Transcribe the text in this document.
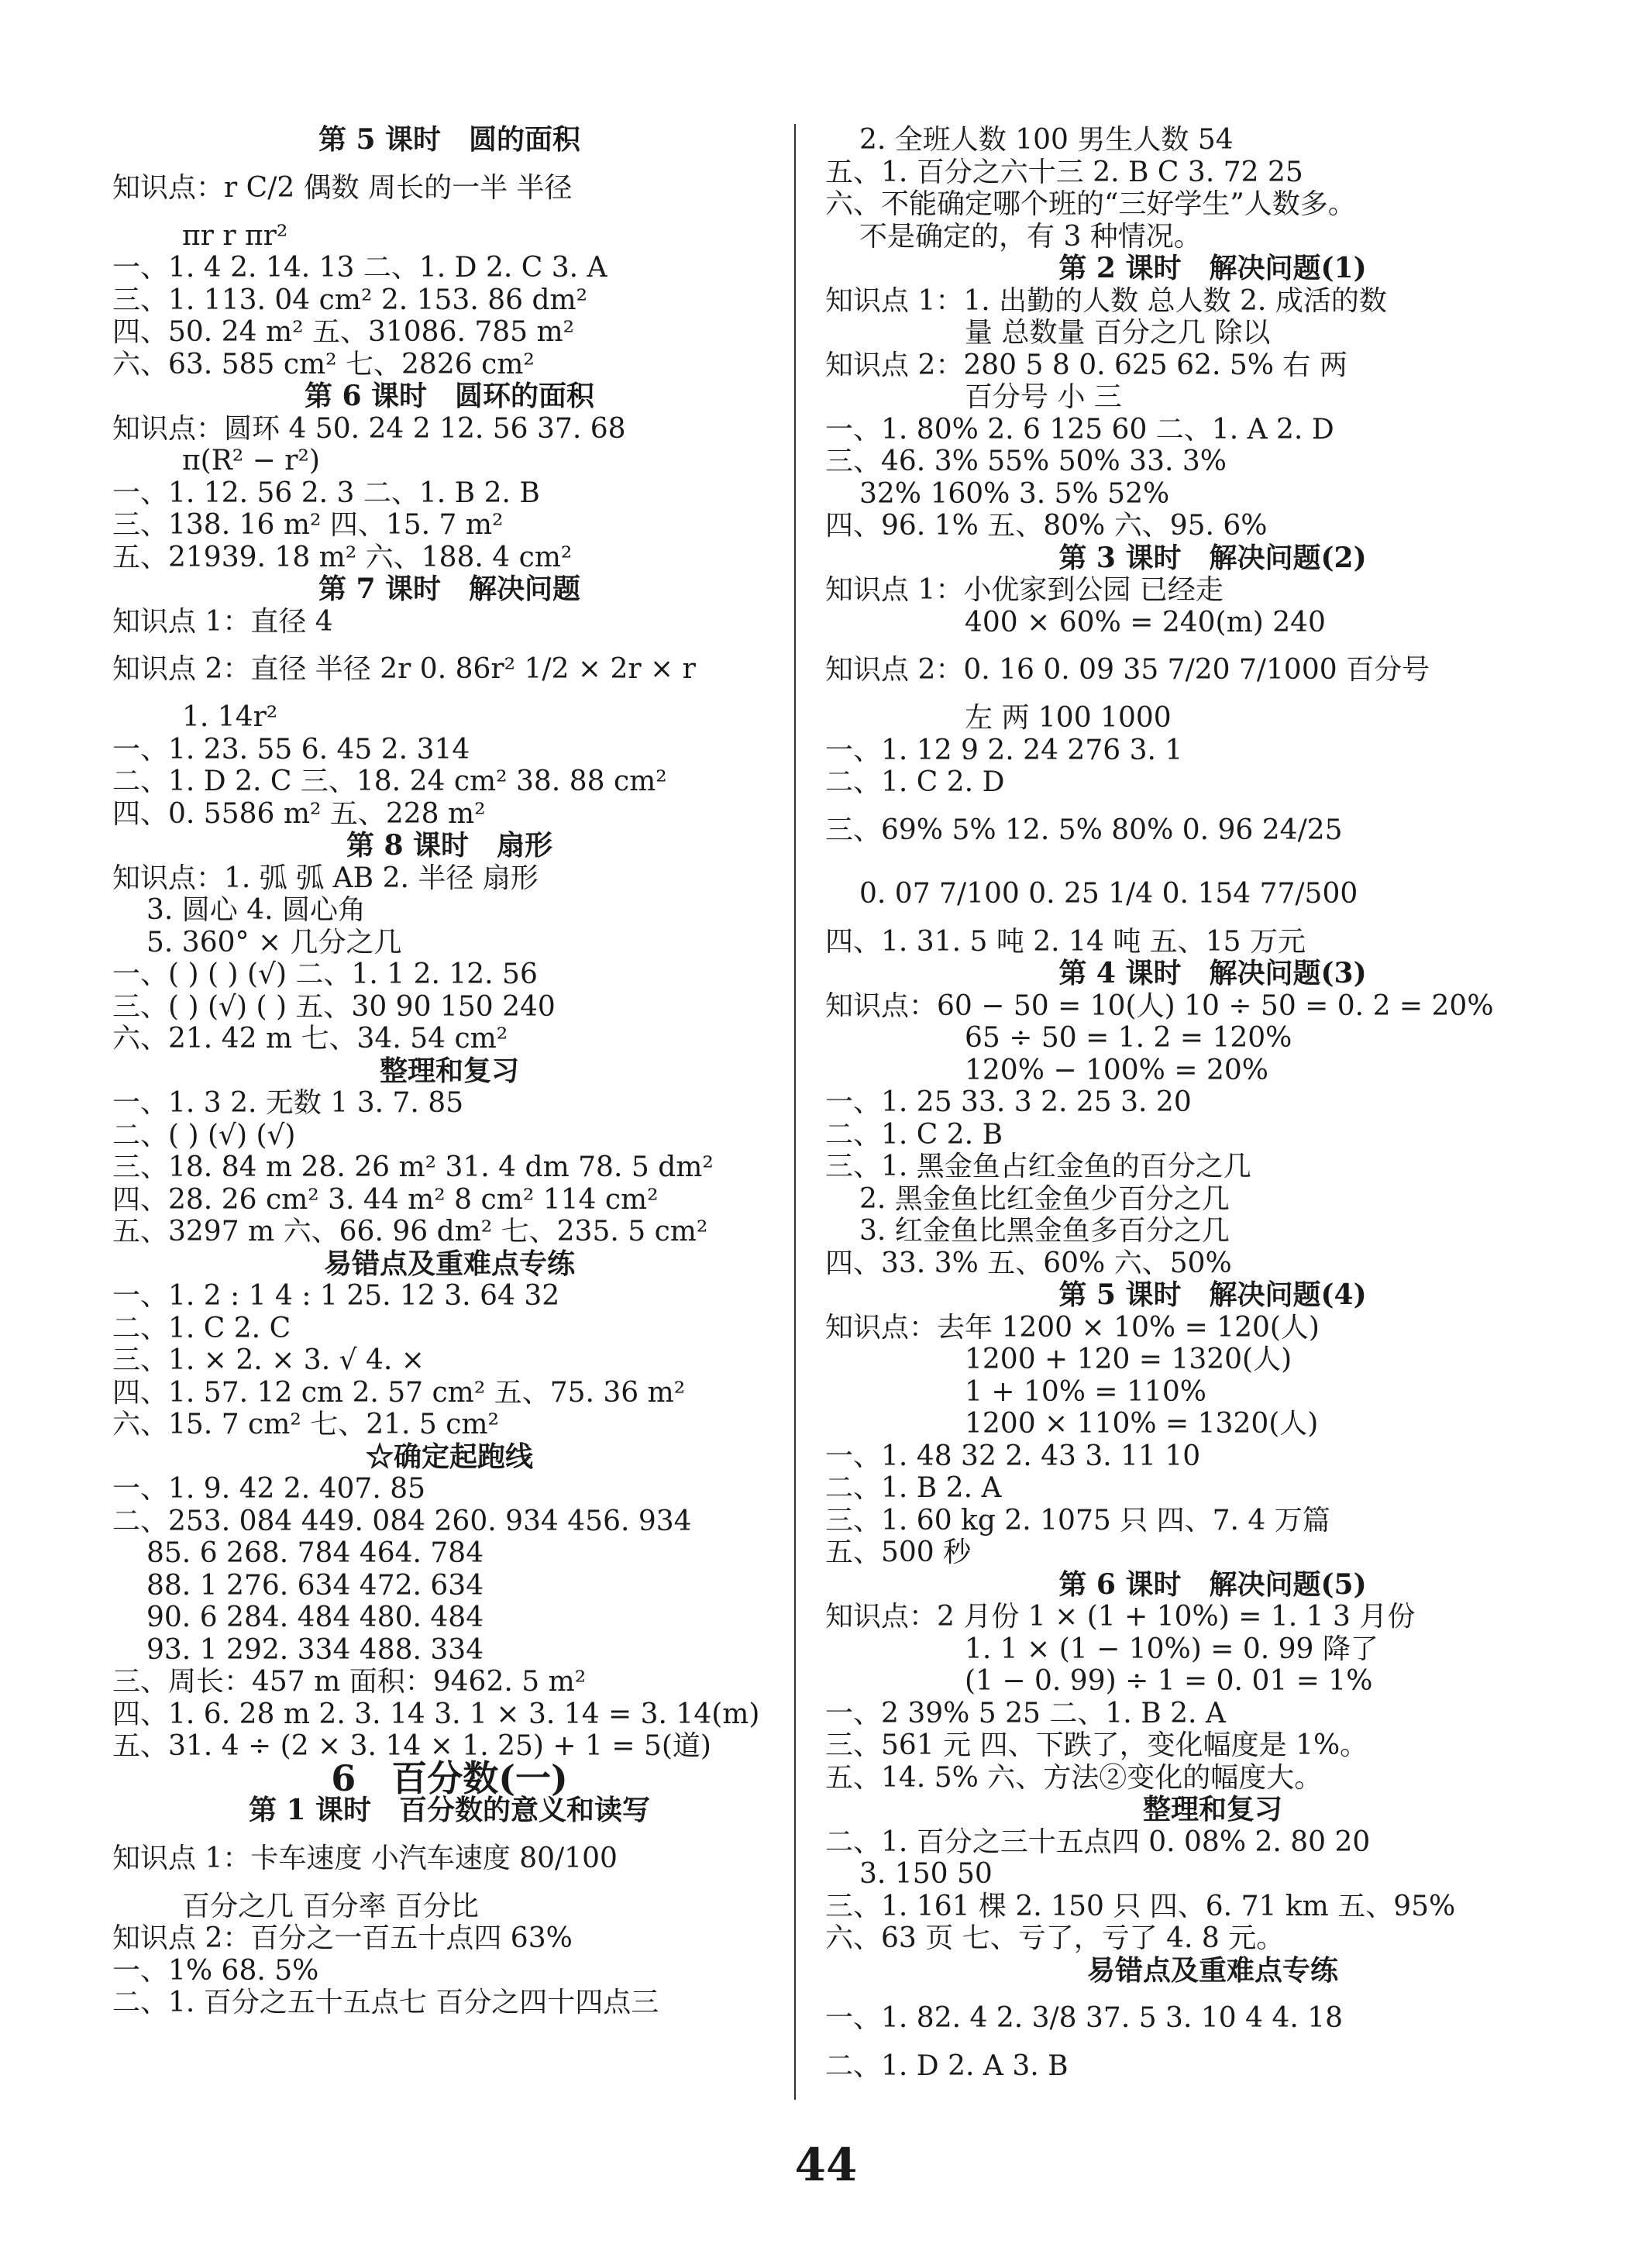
第 5 课时　圆的面积
知识点：r C/2 偶数 周长的一半 半径
πr r πr²
一、1. 4 2. 14. 13 二、1. D 2. C 3. A
三、1. 113. 04 cm² 2. 153. 86 dm²
四、50. 24 m² 五、31086. 785 m²
六、63. 585 cm² 七、2826 cm²
第 6 课时　圆环的面积
知识点：圆环 4 50. 24 2 12. 56 37. 68
π(R² − r²)
一、1. 12. 56 2. 3 二、1. B 2. B
三、138. 16 m² 四、15. 7 m²
五、21939. 18 m² 六、188. 4 cm²
第 7 课时　解决问题
知识点 1：直径 4
知识点 2：直径 半径 2r 0. 86r² 1/2 × 2r × r
1. 14r²
一、1. 23. 55 6. 45 2. 314
二、1. D 2. C 三、18. 24 cm² 38. 88 cm²
四、0. 5586 m² 五、228 m²
第 8 课时　扇形
知识点：1. 弧 弧 AB 2. 半径 扇形
3. 圆心 4. 圆心角
5. 360° × 几分之几
一、( ) ( ) (√) 二、1. 1 2. 12. 56
三、( ) (√) ( ) 五、30 90 150 240
六、21. 42 m 七、34. 54 cm²
整理和复习
一、1. 3 2. 无数 1 3. 7. 85
二、( ) (√) (√)
三、18. 84 m 28. 26 m² 31. 4 dm 78. 5 dm²
四、28. 26 cm² 3. 44 m² 8 cm² 114 cm²
五、3297 m 六、66. 96 dm² 七、235. 5 cm²
易错点及重难点专练
一、1. 2 : 1 4 : 1 25. 12 3. 64 32
二、1. C 2. C
三、1. × 2. × 3. √ 4. ×
四、1. 57. 12 cm 2. 57 cm² 五、75. 36 m²
六、15. 7 cm² 七、21. 5 cm²
☆确定起跑线
一、1. 9. 42 2. 407. 85
二、253. 084 449. 084 260. 934 456. 934
85. 6 268. 784 464. 784
88. 1 276. 634 472. 634
90. 6 284. 484 480. 484
93. 1 292. 334 488. 334
三、周长：457 m 面积：9462. 5 m²
四、1. 6. 28 m 2. 3. 14 3. 1 × 3. 14 = 3. 14(m)
五、31. 4 ÷ (2 × 3. 14 × 1. 25) + 1 = 5(道)
6　百分数(一)
第 1 课时　百分数的意义和读写
知识点 1：卡车速度 小汽车速度 80/100
百分之几 百分率 百分比
知识点 2：百分之一百五十点四 63%
一、1% 68. 5%
二、1. 百分之五十五点七 百分之四十四点三
2. 全班人数 100 男生人数 54
五、1. 百分之六十三 2. B C 3. 72 25
六、不能确定哪个班的“三好学生”人数多。
不是确定的，有 3 种情况。
第 2 课时　解决问题(1)
知识点 1：1. 出勤的人数 总人数 2. 成活的数
量 总数量 百分之几 除以
知识点 2：280 5 8 0. 625 62. 5% 右 两
百分号 小 三
一、1. 80% 2. 6 125 60 二、1. A 2. D
三、46. 3% 55% 50% 33. 3%
32% 160% 3. 5% 52%
四、96. 1% 五、80% 六、95. 6%
第 3 课时　解决问题(2)
知识点 1：小优家到公园 已经走
400 × 60% = 240(m) 240
知识点 2：0. 16 0. 09 35 7/20 7/1000 百分号
左 两 100 1000
一、1. 12 9 2. 24 276 3. 1
二、1. C 2. D
三、69% 5% 12. 5% 80% 0. 96 24/25
0. 07 7/100 0. 25 1/4 0. 154 77/500
四、1. 31. 5 吨 2. 14 吨 五、15 万元
第 4 课时　解决问题(3)
知识点：60 − 50 = 10(人) 10 ÷ 50 = 0. 2 = 20%
65 ÷ 50 = 1. 2 = 120%
120% − 100% = 20%
一、1. 25 33. 3 2. 25 3. 20
二、1. C 2. B
三、1. 黑金鱼占红金鱼的百分之几
2. 黑金鱼比红金鱼少百分之几
3. 红金鱼比黑金鱼多百分之几
四、33. 3% 五、60% 六、50%
第 5 课时　解决问题(4)
知识点：去年 1200 × 10% = 120(人)
1200 + 120 = 1320(人)
1 + 10% = 110%
1200 × 110% = 1320(人)
一、1. 48 32 2. 43 3. 11 10
二、1. B 2. A
三、1. 60 kg 2. 1075 只 四、7. 4 万篇
五、500 秒
第 6 课时　解决问题(5)
知识点：2 月份 1 × (1 + 10%) = 1. 1 3 月份
1. 1 × (1 − 10%) = 0. 99 降了
(1 − 0. 99) ÷ 1 = 0. 01 = 1%
一、2 39% 5 25 二、1. B 2. A
三、561 元 四、下跌了，变化幅度是 1%。
五、14. 5% 六、方法②变化的幅度大。
整理和复习
二、1. 百分之三十五点四 0. 08% 2. 80 20
3. 150 50
三、1. 161 棵 2. 150 只 四、6. 71 km 五、95%
六、63 页 七、亏了，亏了 4. 8 元。
易错点及重难点专练
一、1. 82. 4 2. 3/8 37. 5 3. 10 4 4. 18
二、1. D 2. A 3. B
44
